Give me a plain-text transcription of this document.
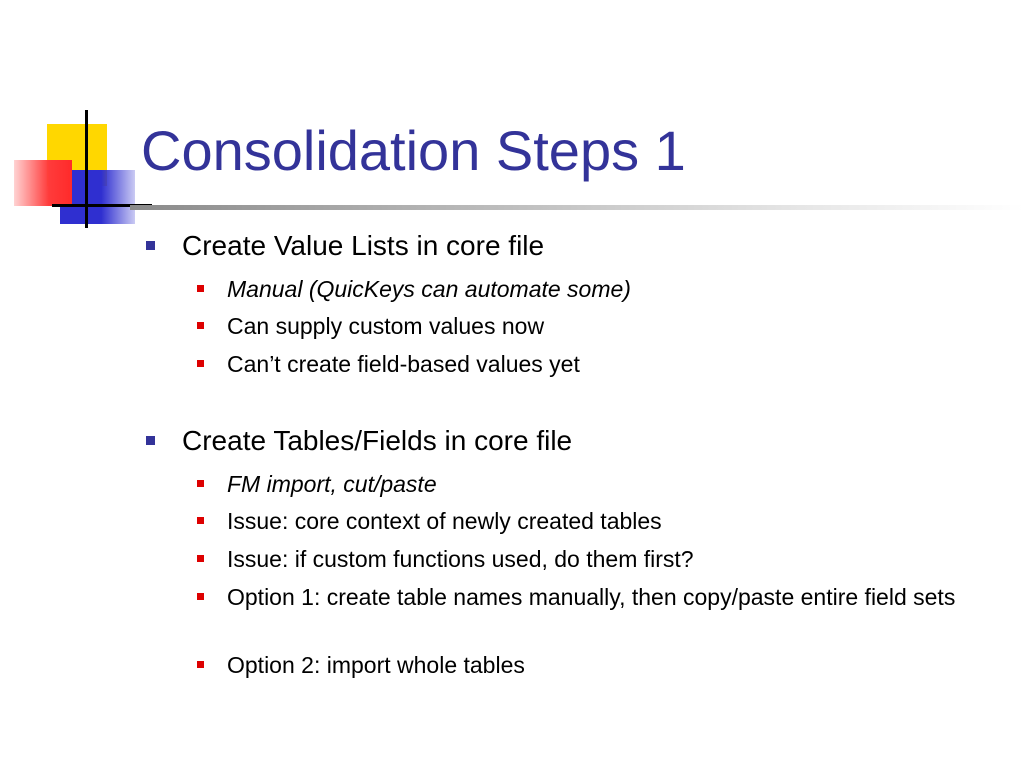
Consolidation Steps 1
Create Value Lists in core file
Manual (QuicKeys can automate some)
Can supply custom values now
Can’t create field-based values yet
Create Tables/Fields in core file
FM import, cut/paste
Issue: core context of newly created tables
Issue: if custom functions used, do them first?
Option 1: create table names manually, then copy/paste entire field sets
Option 2: import whole tables
